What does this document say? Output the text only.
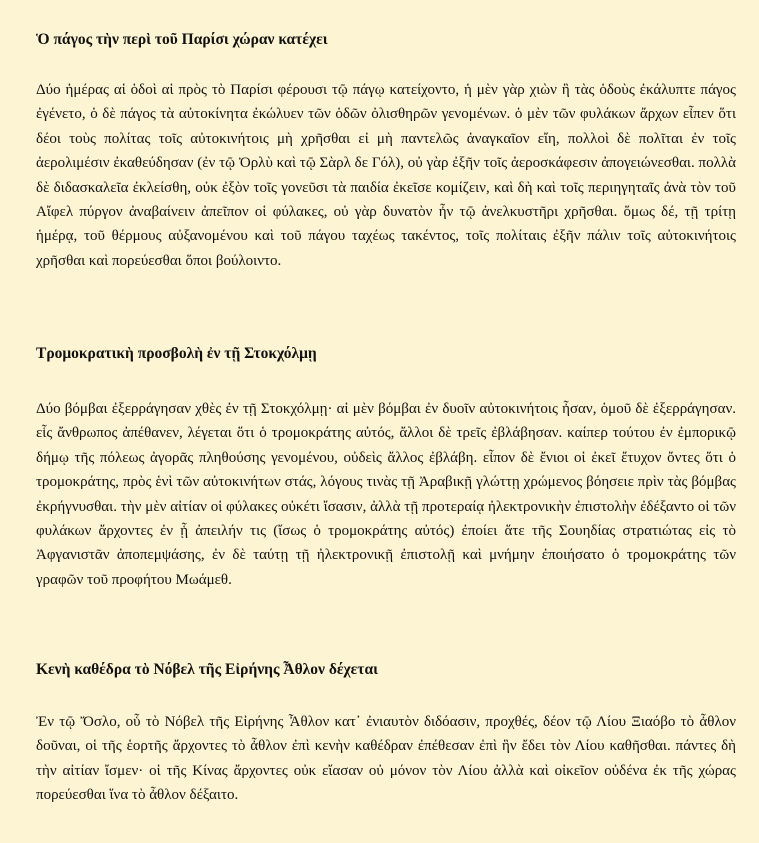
Ὁ πάγος τὴν περὶ τοῦ Παρίσι χώραν κατέχει

Δύο ἡμέρας αἱ ὁδοὶ αἱ πρὸς τὸ Παρίσι φέρουσι τῷ πάγῳ κατείχοντο, ἡ μὲν γὰρ χιὼν ἣ τὰς ὁδοὺς ἐκάλυπτε πάγος ἐγένετο, ὁ δὲ πάγος τὰ αὐτοκίνητα ἐκώλυεν τῶν ὁδῶν ὀλισθηρῶν γενομένων. ὁ μὲν τῶν φυλάκων ἄρχων εἶπεν ὅτι δέοι τοὺς πολίτας τοῖς αὐτοκινήτοις μὴ χρῆσθαι εἰ μὴ παντελῶς ἀναγκαῖον εἴη, πολλοὶ δὲ πολῖται ἐν τοῖς ἀερολιμέσιν ἐκαθεύδησαν (ἐν τῷ Ὀρλὺ καὶ τῷ Σὰρλ δε Γόλ), οὐ γὰρ ἐξῆν τοῖς ἀεροσκάφεσιν ἀπογειώνεσθαι. πολλὰ δὲ διδασκαλεῖα ἐκλείσθη, οὐκ ἐξὸν τοῖς γονεῦσι τὰ παιδία ἐκεῖσε κομίζειν, καὶ δὴ καὶ τοῖς περιηγηταῖς ἀνὰ τὸν τοῦ Αἴφελ πύργον ἀναβαίνειν ἀπεῖπον οἱ φύλακες, οὐ γὰρ δυνατὸν ἦν τῷ ἀνελκυστῆρι χρῆσθαι. ὅμως δέ, τῇ τρίτῃ ἡμέρᾳ, τοῦ θέρμους αὐξανομένου καὶ τοῦ πάγου ταχέως τακέντος, τοῖς πολίταις ἐξῆν πάλιν τοῖς αὐτοκινήτοις χρῆσθαι καὶ πορεύεσθαι ὅποι βούλοιντο.

Τρομοκρατικὴ προσβολὴ ἐν τῇ Στοκχόλμῃ

Δύο βόμβαι ἐξερράγησαν χθὲς ἐν τῇ Στοκχόλμῃ· αἱ μὲν βόμβαι ἐν δυοῖν αὐτοκινήτοις ἦσαν, ὁμοῦ δὲ ἐξερράγησαν. εἷς ἄνθρωπος ἀπέθανεν, λέγεται ὅτι ὁ τρομοκράτης αὐτός, ἄλλοι δὲ τρεῖς ἐβλάβησαν. καίπερ τούτου ἐν ἐμπορικῷ δήμῳ τῆς πόλεως ἀγορᾶς πληθούσης γενομένου, οὐδεὶς ἄλλος ἐβλάβη. εἶπον δὲ ἔνιοι οἱ ἐκεῖ ἔτυχον ὄντες ὅτι ὁ τρομοκράτης, πρὸς ἑνὶ τῶν αὐτοκινήτων στάς, λόγους τινὰς τῇ Ἀραβικῇ γλώττῃ χρώμενος βόησειε πρὶν τὰς βόμβας ἐκρήγνυσθαι. τὴν μὲν αἰτίαν οἱ φύλακες οὐκέτι ἴσασιν, ἀλλὰ τῇ προτεραίᾳ ἠλεκτρονικὴν ἐπιστολὴν ἐδέξαντο οἱ τῶν φυλάκων ἄρχοντες ἐν ᾗ ἀπειλήν τις (ἴσως ὁ τρομοκράτης αὐτός) ἐποίει ἅτε τῆς Σουηδίας στρατιώτας εἰς τὸ Ἀφγανιστᾶν ἀποπεμψάσης, ἐν δὲ ταύτῃ τῇ ἠλεκτρονικῇ ἐπιστολῇ καὶ μνήμην ἐποιήσατο ὁ τρομοκράτης τῶν γραφῶν τοῦ προφήτου Μωάμεθ.

Κενὴ καθέδρα τὸ Νόβελ τῆς Εἰρήνης Ἆθλον δέχεται

Ἐν τῷ Ὄσλο, οὗ τὸ Νόβελ τῆς Εἰρήνης Ἆθλον κατ᾽ ἐνιαυτὸν διδόασιν, προχθές, δέον τῷ Λίου Ξιαόβο τὸ ἆθλον δοῦναι, οἱ τῆς ἑορτῆς ἄρχοντες τὸ ἆθλον ἐπὶ κενὴν καθέδραν ἐπέθεσαν ἐπὶ ἣν ἔδει τὸν Λίου καθῆσθαι. πάντες δὴ τὴν αἰτίαν ἴσμεν· οἱ τῆς Κίνας ἄρχοντες οὐκ εἴασαν οὐ μόνον τὸν Λίου ἀλλὰ καὶ οἰκεῖον οὐδένα ἐκ τῆς χώρας πορεύεσθαι ἵνα τὸ ἆθλον δέξαιτο.
